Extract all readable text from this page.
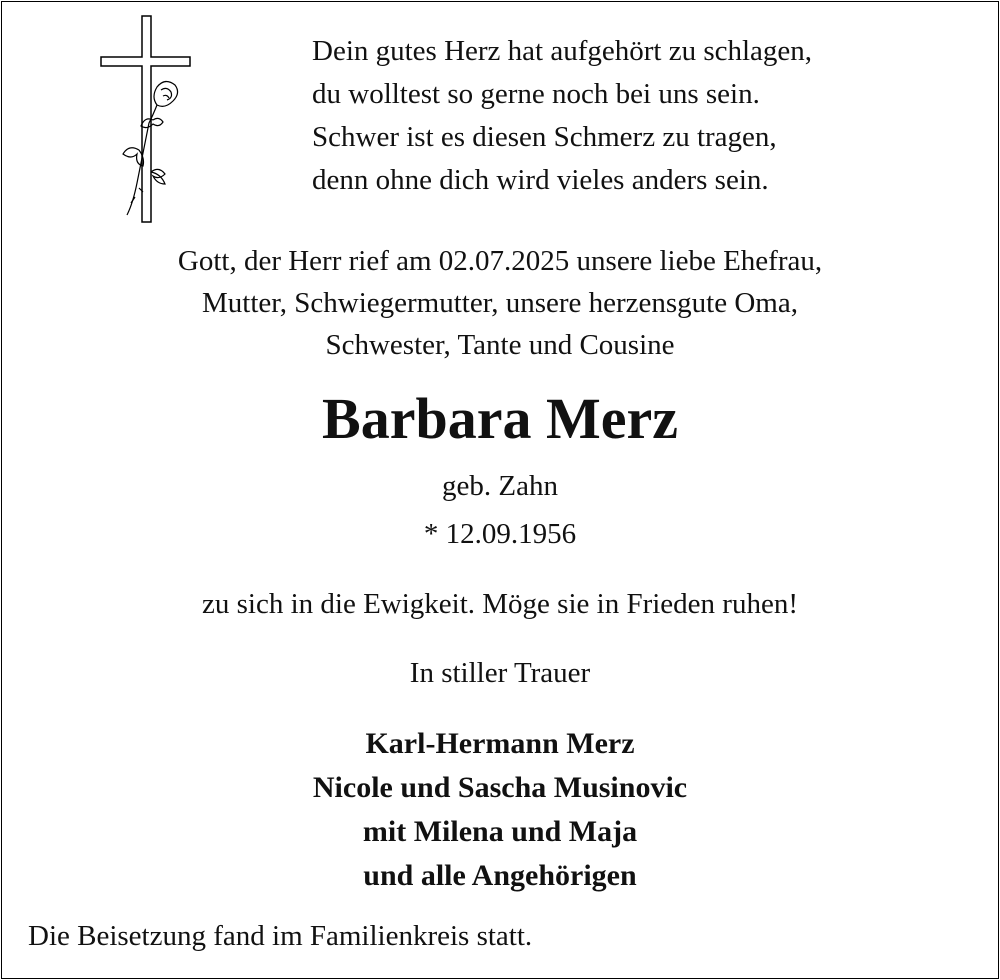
Dein gutes Herz hat aufgehört zu schlagen,
du wolltest so gerne noch bei uns sein.
Schwer ist es diesen Schmerz zu tragen,
denn ohne dich wird vieles anders sein.
Gott, der Herr rief am 02.07.2025 unsere liebe Ehefrau,
Mutter, Schwiegermutter, unsere herzensgute Oma,
Schwester, Tante und Cousine
Barbara Merz
geb. Zahn
* 12.09.1956
zu sich in die Ewigkeit. Möge sie in Frieden ruhen!
In stiller Trauer
Karl-Hermann Merz
Nicole und Sascha Musinovic
mit Milena und Maja
und alle Angehörigen
Die Beisetzung fand im Familienkreis statt.
